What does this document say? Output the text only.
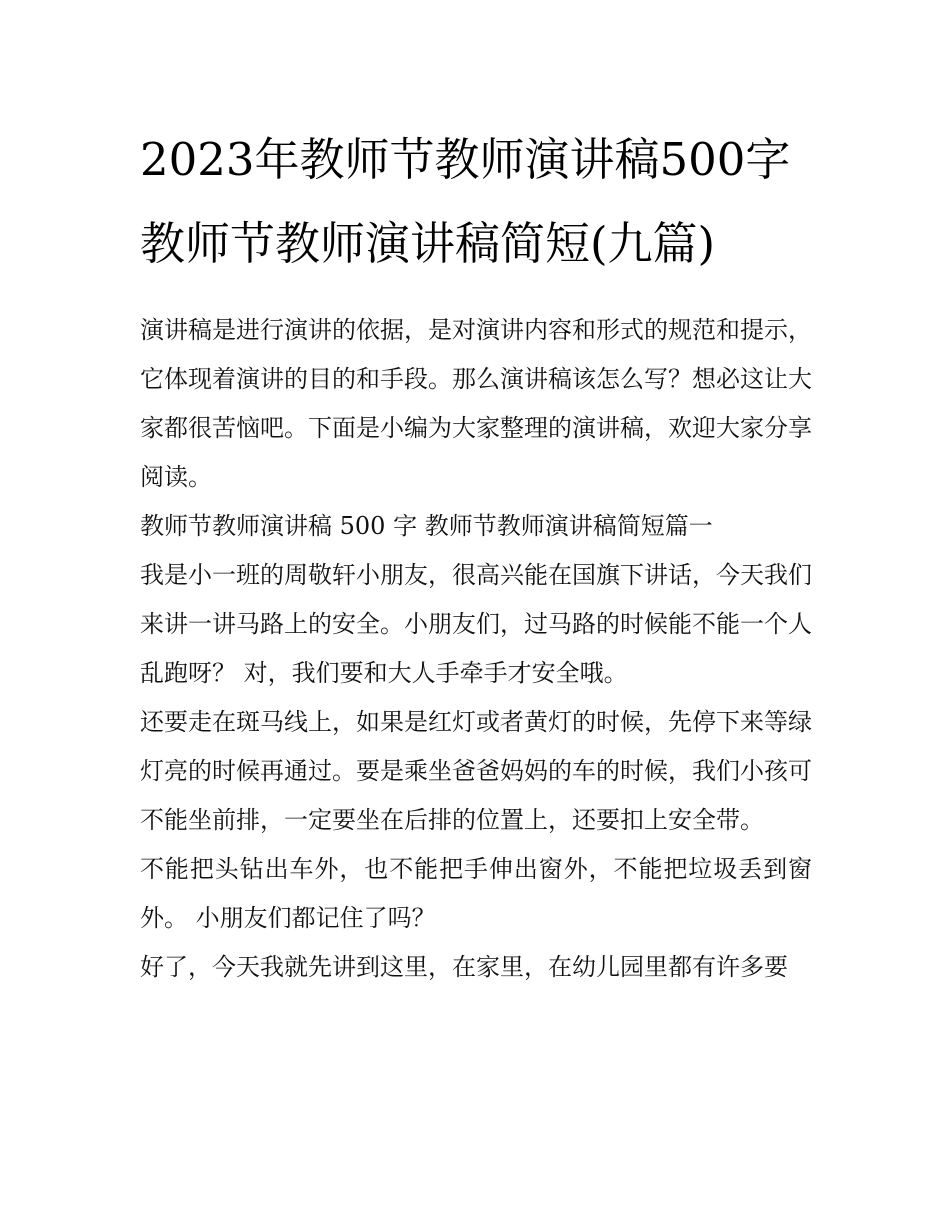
2023年教师节教师演讲稿500字 教师节教师演讲稿简短(九篇)

演讲稿是进行演讲的依据，是对演讲内容和形式的规范和提示，它体现着演讲的目的和手段。那么演讲稿该怎么写？想必这让大家都很苦恼吧。下面是小编为大家整理的演讲稿，欢迎大家分享阅读。

教师节教师演讲稿 500 字 教师节教师演讲稿简短篇一

我是小一班的周敬轩小朋友，很高兴能在国旗下讲话，今天我们来讲一讲马路上的安全。小朋友们，过马路的时候能不能一个人乱跑呀？ 对，我们要和大人手牵手才安全哦。

还要走在斑马线上，如果是红灯或者黄灯的时候，先停下来等绿灯亮的时候再通过。要是乘坐爸爸妈妈的车的时候，我们小孩可不能坐前排，一定要坐在后排的位置上，还要扣上安全带。

不能把头钻出车外，也不能把手伸出窗外，不能把垃圾丢到窗外。 小朋友们都记住了吗？

好了，今天我就先讲到这里，在家里，在幼儿园里都有许多要
